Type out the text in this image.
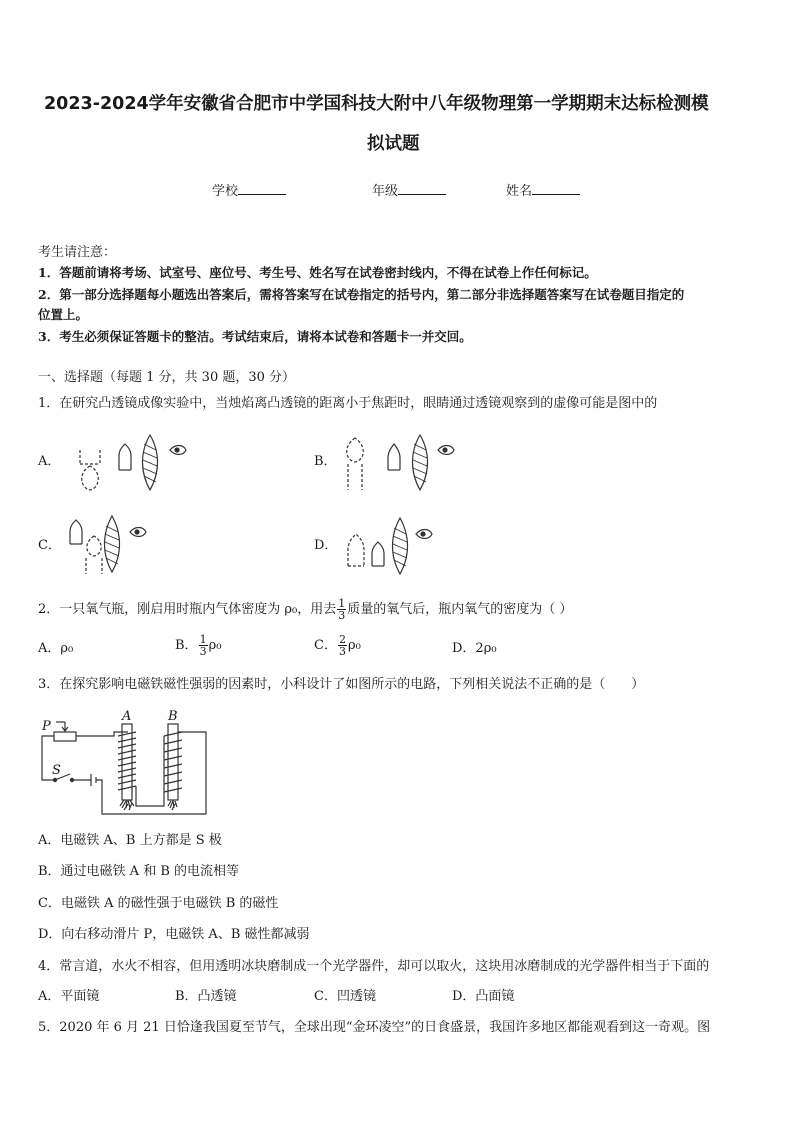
2023-2024学年安徽省合肥市中学国科技大附中八年级物理第一学期期末达标检测模
拟试题
学校	年级	姓名
考生请注意：
1．答题前请将考场、试室号、座位号、考生号、姓名写在试卷密封线内，不得在试卷上作任何标记。
2．第一部分选择题每小题选出答案后，需将答案写在试卷指定的括号内，第二部分非选择题答案写在试卷题目指定的
位置上。
3．考生必须保证答题卡的整洁。考试结束后，请将本试卷和答题卡一并交回。
一、选择题（每题 1 分，共 30 题，30 分）
1．在研究凸透镜成像实验中，当烛焰离凸透镜的距离小于焦距时，眼睛通过透镜观察到的虚像可能是图中的
A．	B．
C．	D．
2．一只氧气瓶，刚启用时瓶内气体密度为 ρ₀，用去 $\frac{1}{3}$ 质量的氧气后，瓶内氧气的密度为（ ）
A．ρ₀	B． $\frac{1}{3} \rho_0$	C． $\frac{2}{3} \rho_0$	D．2ρ₀
3．在探究影响电磁铁磁性强弱的因素时，小科设计了如图所示的电路，下列相关说法不正确的是（　　）
P
S
A	B
A．电磁铁 A、B 上方都是 S 极
B．通过电磁铁 A 和 B 的电流相等
C．电磁铁 A 的磁性强于电磁铁 B 的磁性
D．向右移动滑片 P，电磁铁 A、B 磁性都减弱
4．常言道，水火不相容，但用透明冰块磨制成一个光学器件，却可以取火，这块用冰磨制成的光学器件相当于下面的
A．平面镜	B．凸透镜	C．凹透镜	D．凸面镜
5．2020 年 6 月 21 日恰逢我国夏至节气，全球出现“金环凌空”的日食盛景，我国许多地区都能观看到这一奇观。图
